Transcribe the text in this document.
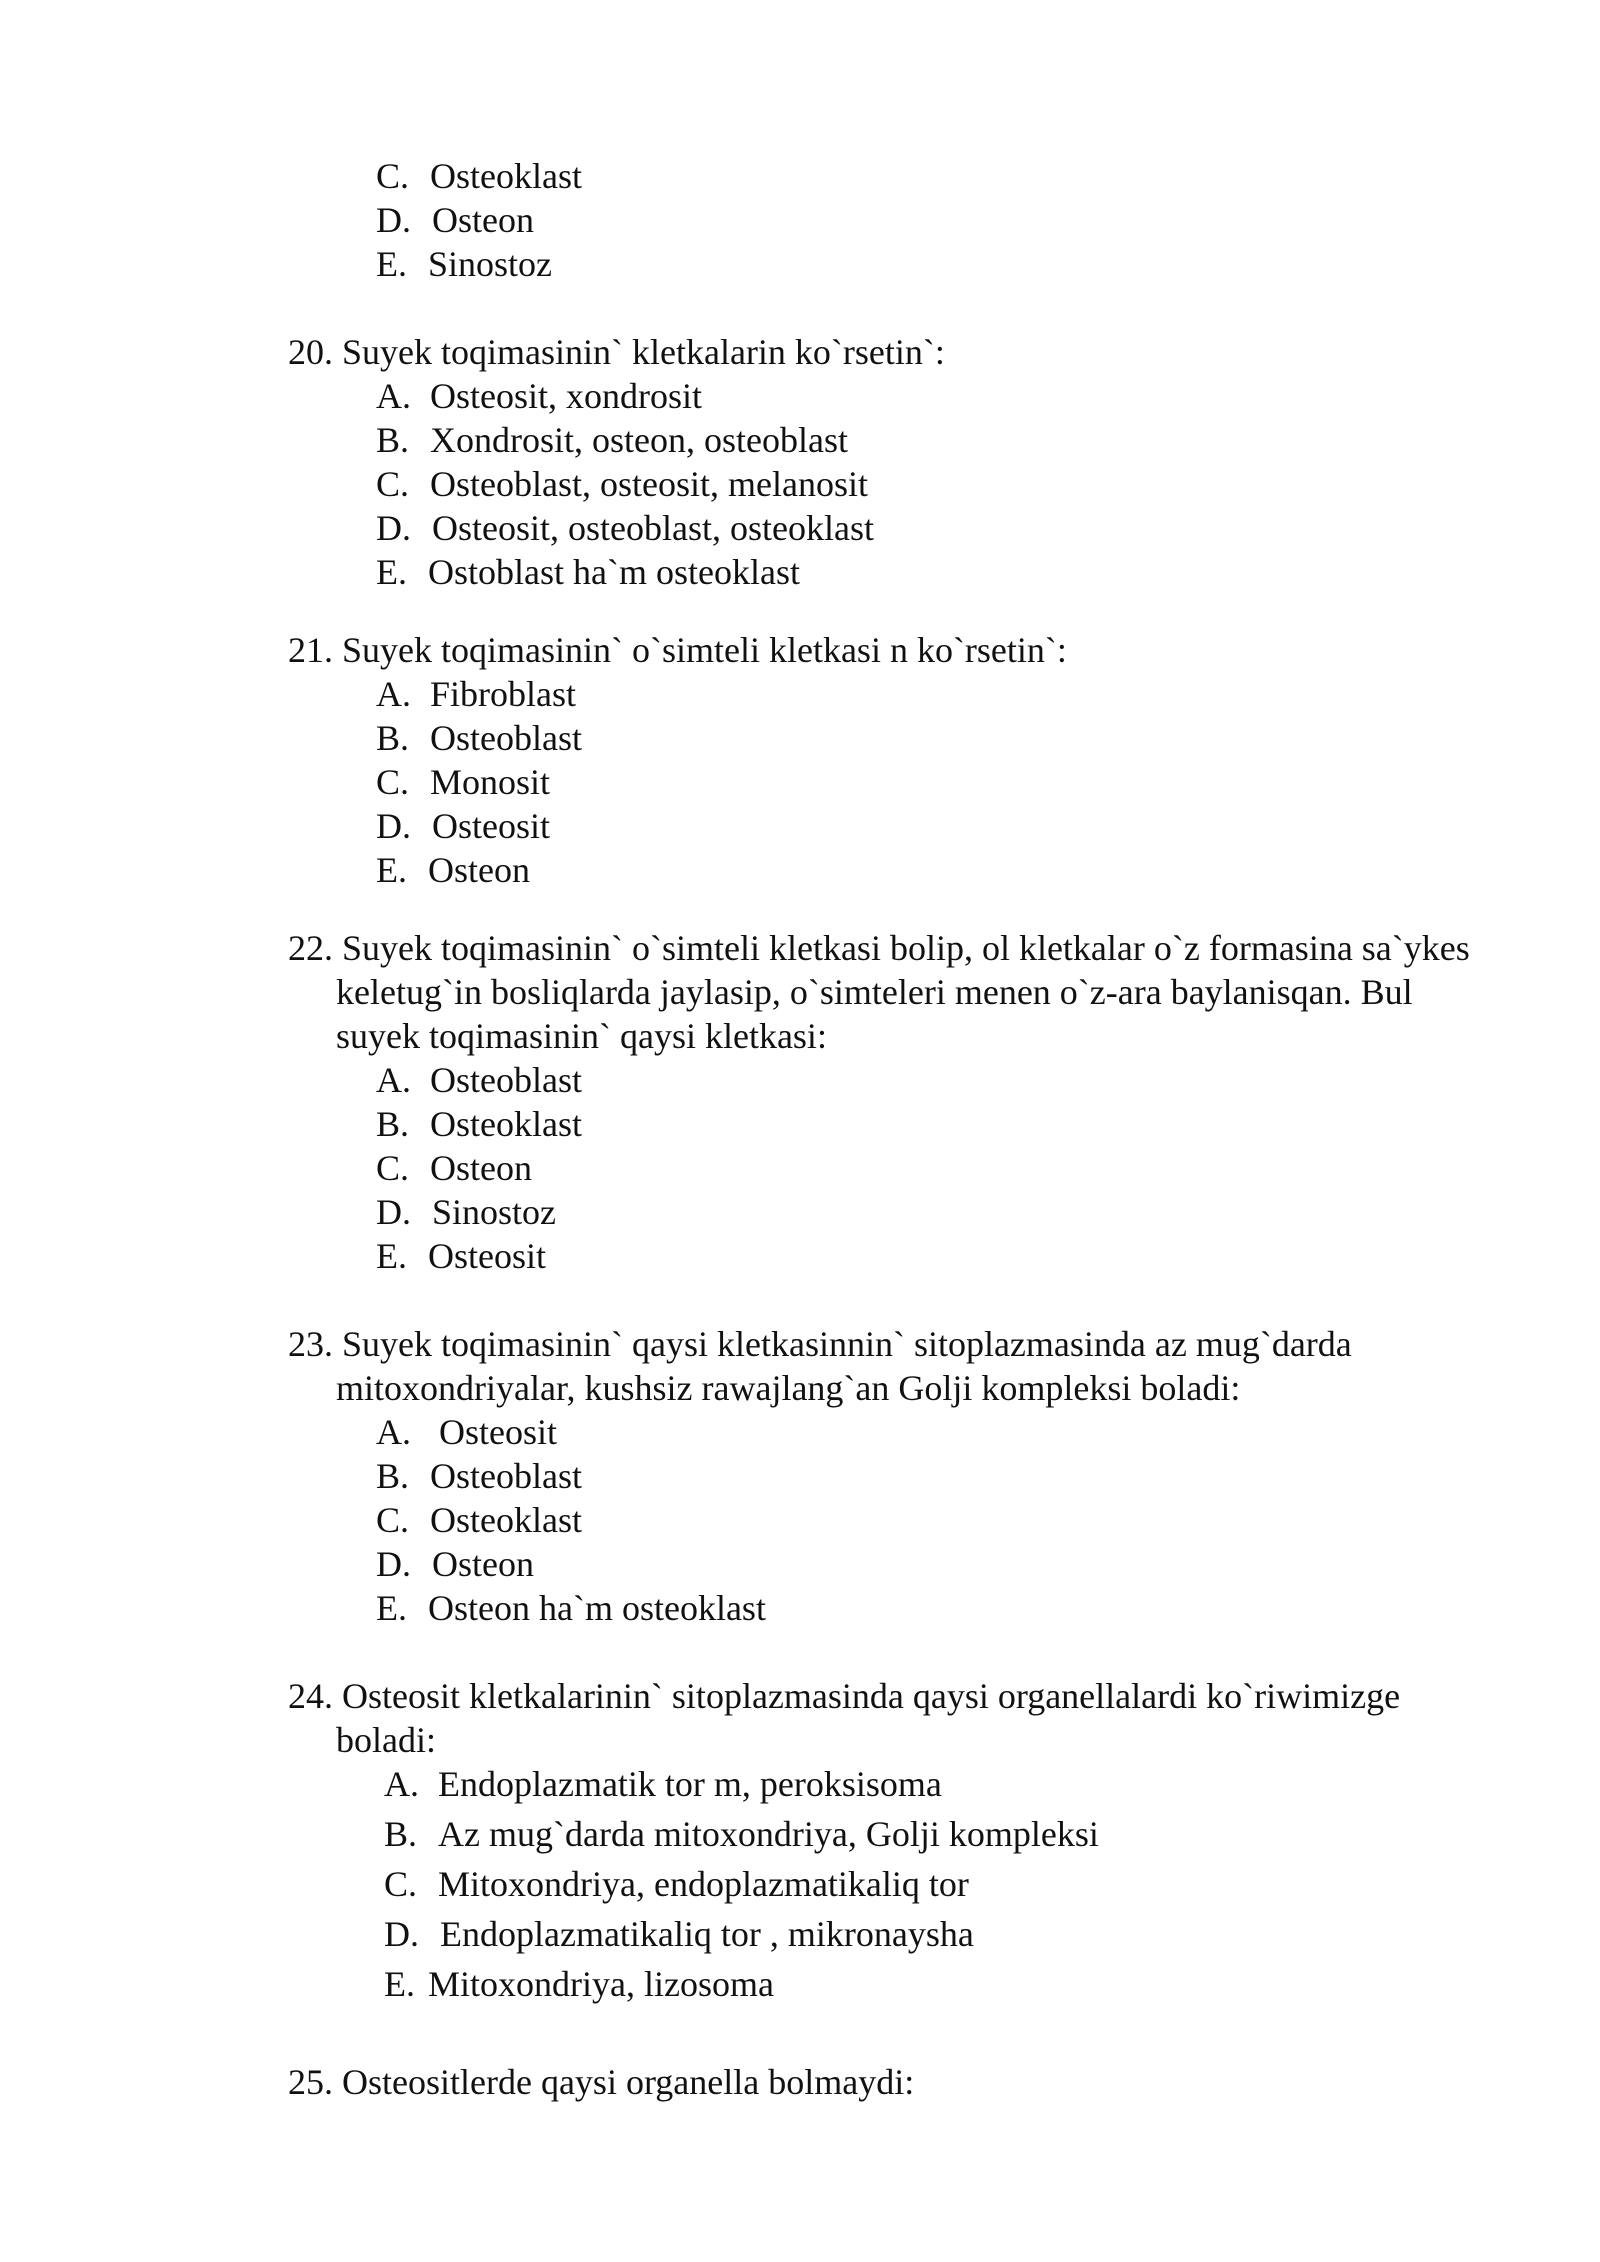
C. Osteoklast
D. Osteon
E. Sinostoz
20. Suyek toqimasinin` kletkalarin ko`rsetin`:
A. Osteosit, xondrosit
B. Xondrosit, osteon, osteoblast
C. Osteoblast, osteosit, melanosit
D. Osteosit, osteoblast, osteoklast
E. Ostoblast ha`m osteoklast
21. Suyek toqimasinin` o`simteli kletkasi n ko`rsetin`:
A. Fibroblast
B. Osteoblast
C. Monosit
D. Osteosit
E. Osteon
22. Suyek toqimasinin` o`simteli kletkasi bolip, ol kletkalar o`z formasina sa`ykes
keletug`in bosliqlarda jaylasip, o`simteleri menen o`z-ara baylanisqan. Bul
suyek toqimasinin` qaysi kletkasi:
A. Osteoblast
B. Osteoklast
C. Osteon
D. Sinostoz
E. Osteosit
23. Suyek toqimasinin` qaysi kletkasinnin` sitoplazmasinda az mug`darda
mitoxondriyalar, kushsiz rawajlang`an Golji kompleksi boladi:
A.  Osteosit
B. Osteoblast
C. Osteoklast
D. Osteon
E. Osteon ha`m osteoklast
24. Osteosit kletkalarinin` sitoplazmasinda qaysi organellalardi ko`riwimizge
boladi:
A. Endoplazmatik tor m, peroksisoma
B. Az mug`darda mitoxondriya, Golji kompleksi
C. Mitoxondriya, endoplazmatikaliq tor
D. Endoplazmatikaliq tor , mikronaysha
E. Mitoxondriya, lizosoma
25. Osteositlerde qaysi organella bolmaydi:
